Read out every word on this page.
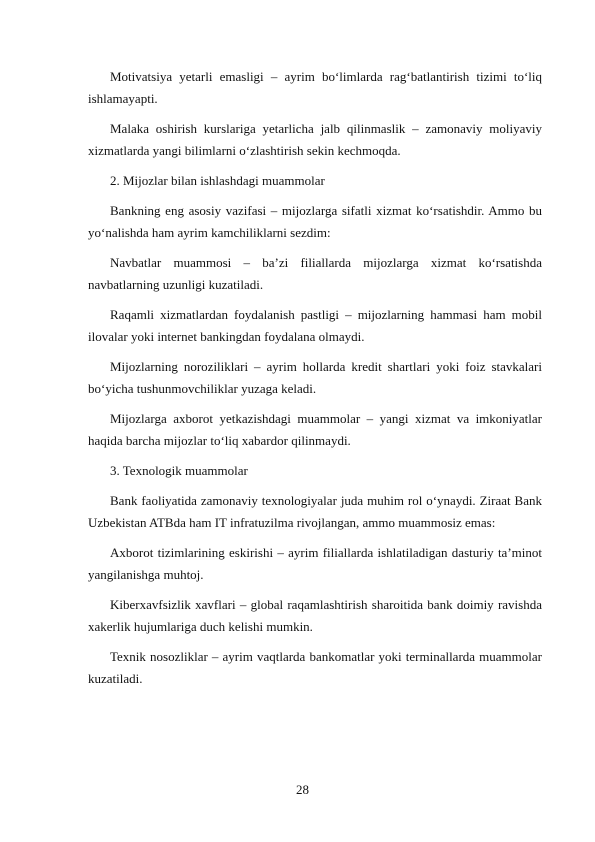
Motivatsiya yetarli emasligi – ayrim bo‘limlarda rag‘batlantirish tizimi to‘liq ishlamayapti.

Malaka oshirish kurslariga yetarlicha jalb qilinmaslik – zamonaviy moliyaviy xizmatlarda yangi bilimlarni o‘zlashtirish sekin kechmoqda.

2. Mijozlar bilan ishlashdagi muammolar

Bankning eng asosiy vazifasi – mijozlarga sifatli xizmat ko‘rsatishdir. Ammo bu yo‘nalishda ham ayrim kamchiliklarni sezdim:

Navbatlar muammosi – ba’zi filiallarda mijozlarga xizmat ko‘rsatishda navbatlarning uzunligi kuzatiladi.

Raqamli xizmatlardan foydalanish pastligi – mijozlarning hammasi ham mobil ilovalar yoki internet bankingdan foydalana olmaydi.

Mijozlarning noroziliklari – ayrim hollarda kredit shartlari yoki foiz stavkalari bo‘yicha tushunmovchiliklar yuzaga keladi.

Mijozlarga axborot yetkazishdagi muammolar – yangi xizmat va imkoniyatlar haqida barcha mijozlar to‘liq xabardor qilinmaydi.

3. Texnologik muammolar

Bank faoliyatida zamonaviy texnologiyalar juda muhim rol o‘ynaydi. Ziraat Bank Uzbekistan ATBda ham IT infratuzilma rivojlangan, ammo muammosiz emas:

Axborot tizimlarining eskirishi – ayrim filiallarda ishlatiladigan dasturiy ta’minot yangilanishga muhtoj.

Kiberxavfsizlik xavflari – global raqamlashtirish sharoitida bank doimiy ravishda xakerlik hujumlariga duch kelishi mumkin.

Texnik nosozliklar – ayrim vaqtlarda bankomatlar yoki terminallarda muammolar kuzatiladi.

28
